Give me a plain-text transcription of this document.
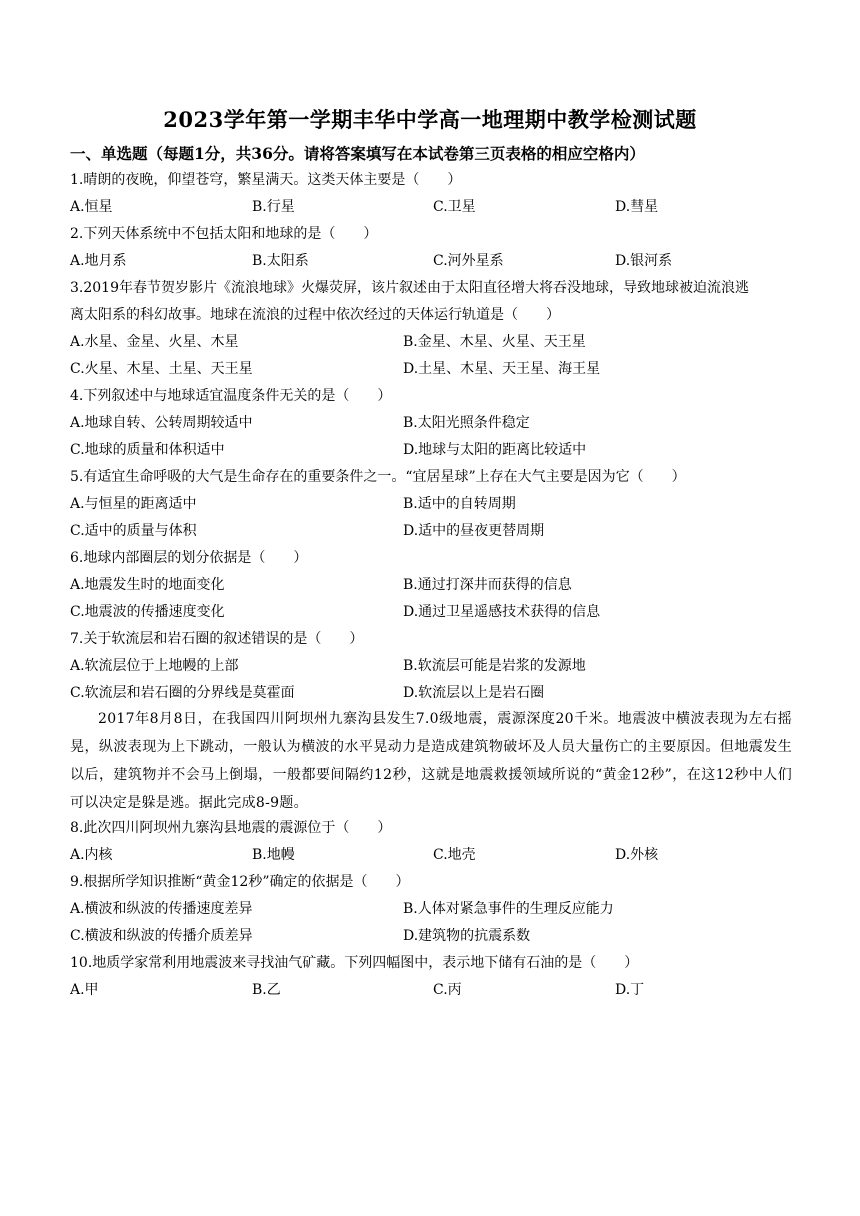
2023学年第一学期丰华中学高一地理期中教学检测试题
一、单选题（每题1分，共36分。请将答案填写在本试卷第三页表格的相应空格内）
1.晴朗的夜晚，仰望苍穹，繁星满天。这类天体主要是（　　）
A.恒星	B.行星	C.卫星	D.彗星
2.下列天体系统中不包括太阳和地球的是（　　）
A.地月系	B.太阳系	C.河外星系	D.银河系
3.2019年春节贺岁影片《流浪地球》火爆荧屏，该片叙述由于太阳直径增大将吞没地球，导致地球被迫流浪逃
离太阳系的科幻故事。地球在流浪的过程中依次经过的天体运行轨道是（　　）
A.水星、金星、火星、木星	B.金星、木星、火星、天王星
C.火星、木星、土星、天王星	D.土星、木星、天王星、海王星
4.下列叙述中与地球适宜温度条件无关的是（　　）
A.地球自转、公转周期较适中	B.太阳光照条件稳定
C.地球的质量和体积适中	D.地球与太阳的距离比较适中
5.有适宜生命呼吸的大气是生命存在的重要条件之一。“宜居星球”上存在大气主要是因为它（　　）
A.与恒星的距离适中	B.适中的自转周期
C.适中的质量与体积	D.适中的昼夜更替周期
6.地球内部圈层的划分依据是（　　）
A.地震发生时的地面变化	B.通过打深井而获得的信息
C.地震波的传播速度变化	D.通过卫星遥感技术获得的信息
7.关于软流层和岩石圈的叙述错误的是（　　）
A.软流层位于上地幔的上部	B.软流层可能是岩浆的发源地
C.软流层和岩石圈的分界线是莫霍面	D.软流层以上是岩石圈
2017年8月8日，在我国四川阿坝州九寨沟县发生7.0级地震，震源深度20千米。地震波中横波表现为左右摇晃，纵波表现为上下跳动，一般认为横波的水平晃动力是造成建筑物破坏及人员大量伤亡的主要原因。但地震发生以后，建筑物并不会马上倒塌，一般都要间隔约12秒，这就是地震救援领域所说的“黄金12秒”，在这12秒中人们可以决定是躲是逃。据此完成8-9题。
8.此次四川阿坝州九寨沟县地震的震源位于（　　）
A.内核	B.地幔	C.地壳	D.外核
9.根据所学知识推断“黄金12秒”确定的依据是（　　）
A.横波和纵波的传播速度差异	B.人体对紧急事件的生理反应能力
C.横波和纵波的传播介质差异	D.建筑物的抗震系数
10.地质学家常利用地震波来寻找油气矿藏。下列四幅图中，表示地下储有石油的是（　　）
A.甲	B.乙	C.丙	D.丁
